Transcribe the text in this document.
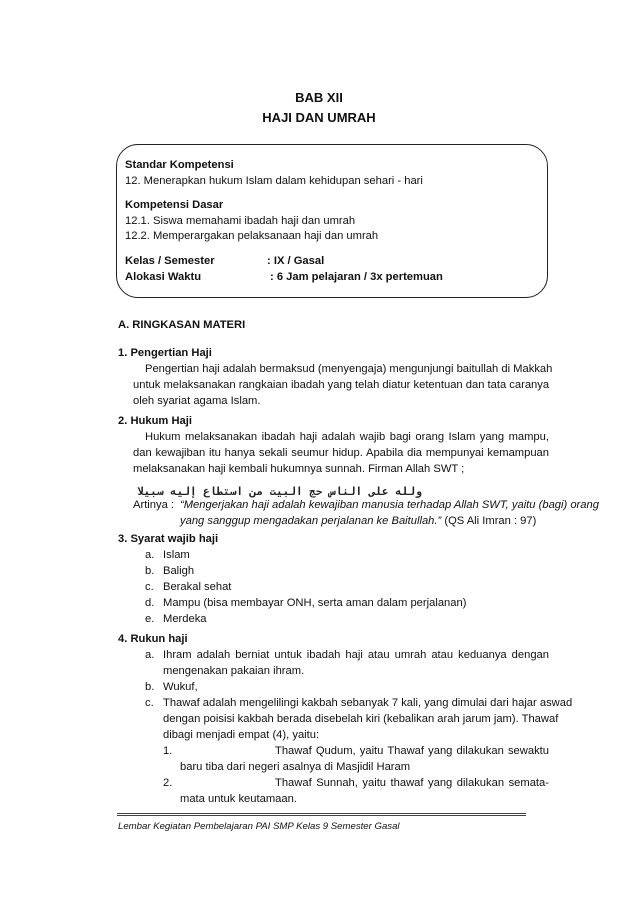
BAB XII
HAJI DAN UMRAH
Standar Kompetensi
12. Menerapkan hukum Islam dalam kehidupan sehari - hari
Kompetensi Dasar
12.1. Siswa memahami ibadah haji dan umrah
12.2. Memperargakan pelaksanaan haji dan umrah
Kelas / Semester	: IX / Gasal
Alokasi Waktu	: 6 Jam pelajaran / 3x pertemuan
A. RINGKASAN MATERI
1. Pengertian Haji
Pengertian haji adalah bermaksud (menyengaja) mengunjungi baitullah di Makkah
untuk melaksanakan rangkaian ibadah yang telah diatur ketentuan dan tata caranya
oleh syariat agama Islam.
2. Hukum Haji
Hukum melaksanakan ibadah haji adalah wajib bagi orang Islam yang mampu,
dan kewajiban itu hanya sekali seumur hidup. Apabila dia mempunyai kemampuan
melaksanakan haji kembali hukumnya sunnah. Firman Allah SWT ;
ﻭﻟﻠﻪ ﻋﻠﻰ ﺍﻟﻨﺎﺱ ﺣﺞ ﺍﻟﺒﻴﺖ ﻣﻦ ﺍﺳﺘﻄﺎﻉ ﺇﻟﻴﻪ ﺳﺒﻴﻼ
Artinya : “Mengerjakan haji adalah kewajiban manusia terhadap Allah SWT, yaitu (bagi) orang
yang sanggup mengadakan perjalanan ke Baitullah.” (QS Ali Imran : 97)
3. Syarat wajib haji
a. Islam
b. Baligh
c. Berakal sehat
d. Mampu (bisa membayar ONH, serta aman dalam perjalanan)
e. Merdeka
4. Rukun haji
a. Ihram adalah berniat untuk ibadah haji atau umrah atau keduanya dengan
mengenakan pakaian ihram.
b. Wukuf,
c. Thawaf adalah mengelilingi kakbah sebanyak 7 kali, yang dimulai dari hajar aswad
dengan poisisi kakbah berada disebelah kiri (kebalikan arah jarum jam). Thawaf
dibagi menjadi empat (4), yaitu:
1.	Thawaf Qudum, yaitu Thawaf yang dilakukan sewaktu
baru tiba dari negeri asalnya di Masjidil Haram
2.	Thawaf Sunnah, yaitu thawaf yang dilakukan semata-
mata untuk keutamaan.
Lembar Kegiatan Pembelajaran PAI SMP Kelas 9 Semester Gasal
